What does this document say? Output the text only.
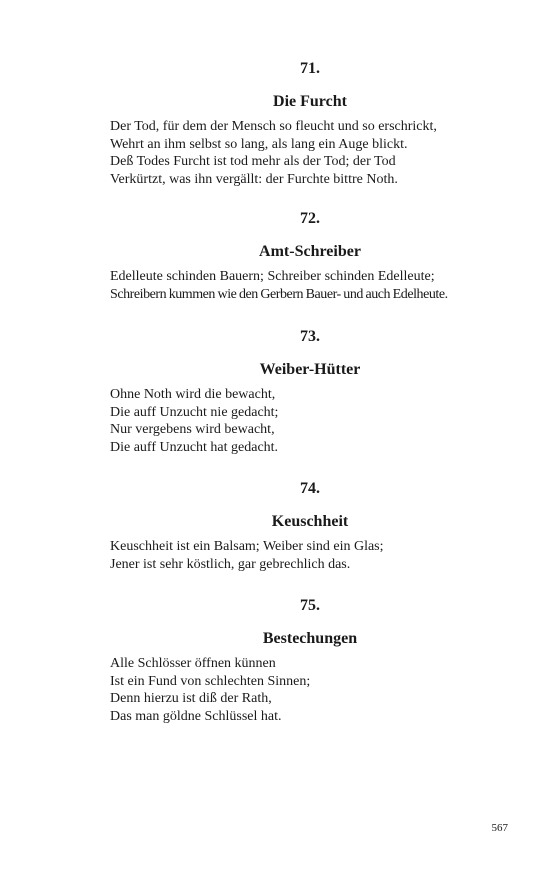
71.
Die Furcht
Der Tod, für dem der Mensch so fleucht und so erschrickt,
Wehrt an ihm selbst so lang, als lang ein Auge blickt.
Deß Todes Furcht ist tod mehr als der Tod; der Tod
Verkürtzt, was ihn vergällt: der Furchte bittre Noth.
72.
Amt-Schreiber
Edelleute schinden Bauern; Schreiber schinden Edelleute;
Schreibern kummen wie den Gerbern Bauer- und auch Edelheute.
73.
Weiber-Hütter
Ohne Noth wird die bewacht,
Die auff Unzucht nie gedacht;
Nur vergebens wird bewacht,
Die auff Unzucht hat gedacht.
74.
Keuschheit
Keuschheit ist ein Balsam; Weiber sind ein Glas;
Jener ist sehr köstlich, gar gebrechlich das.
75.
Bestechungen
Alle Schlösser öffnen künnen
Ist ein Fund von schlechten Sinnen;
Denn hierzu ist diß der Rath,
Das man göldne Schlüssel hat.
567
